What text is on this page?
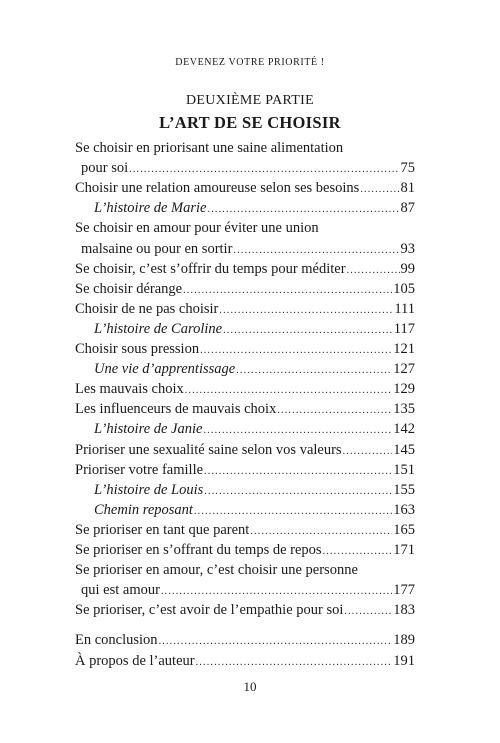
DEVENEZ VOTRE PRIORITÉ !
DEUXIÈME PARTIE
L’ART DE SE CHOISIR
Se choisir en priorisant une saine alimentation
pour soi .....	75
Choisir une relation amoureuse selon ses besoins .....	81
L’histoire de Marie .....	87
Se choisir en amour pour éviter une union
malsaine ou pour en sortir .....	93
Se choisir, c’est s’offrir du temps pour méditer .....	99
Se choisir dérange .....	105
Choisir de ne pas choisir .....	111
L’histoire de Caroline .....	117
Choisir sous pression .....	121
Une vie d’apprentissage .....	127
Les mauvais choix .....	129
Les influenceurs de mauvais choix .....	135
L’histoire de Janie .....	142
Prioriser une sexualité saine selon vos valeurs .....	145
Prioriser votre famille .....	151
L’histoire de Louis .....	155
Chemin reposant .....	163
Se prioriser en tant que parent .....	165
Se prioriser en s’offrant du temps de repos .....	171
Se prioriser en amour, c’est choisir une personne
qui est amour .....	177
Se prioriser, c’est avoir de l’empathie pour soi .....	183
En conclusion .....	189
À propos de l’auteur .....	191
10
